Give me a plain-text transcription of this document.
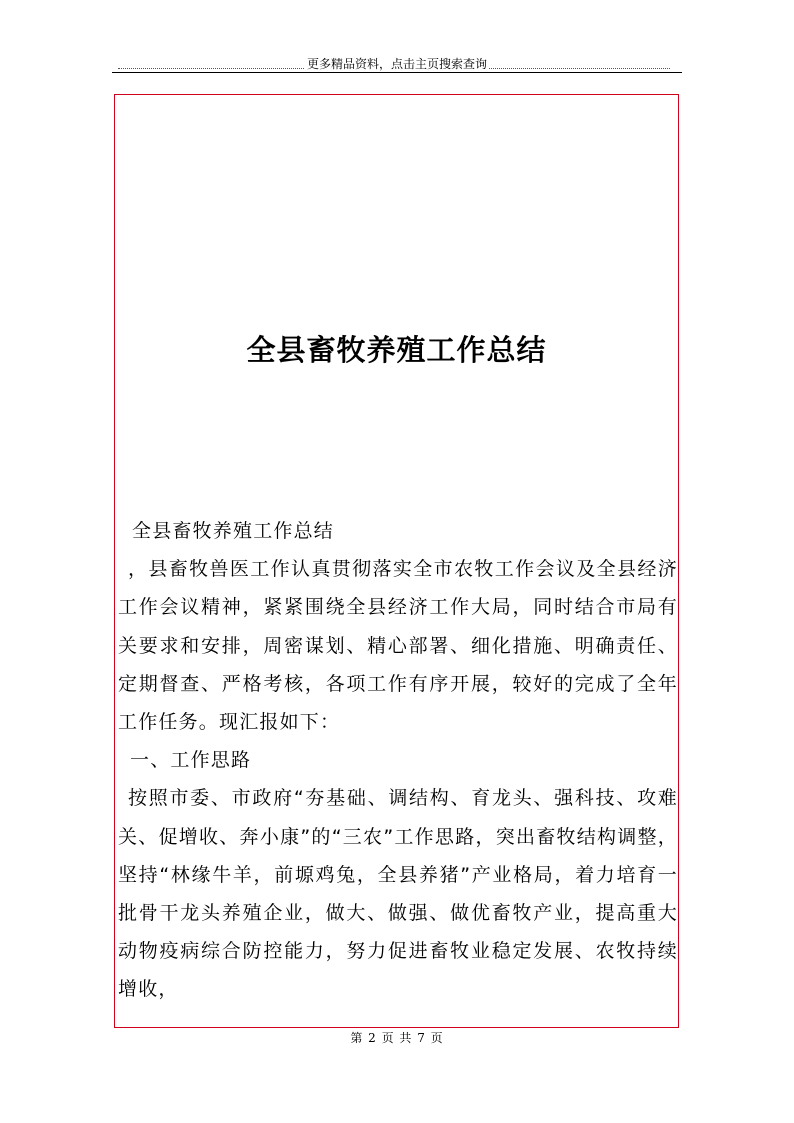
更多精品资料，点击主页搜索查询
全县畜牧养殖工作总结

全县畜牧养殖工作总结

，县畜牧兽医工作认真贯彻落实全市农牧工作会议及全县经济工作会议精神，紧紧围绕全县经济工作大局，同时结合市局有关要求和安排，周密谋划、精心部署、细化措施、明确责任、定期督查、严格考核，各项工作有序开展，较好的完成了全年工作任务。现汇报如下：

一、工作思路

按照市委、市政府“夯基础、调结构、育龙头、强科技、攻难关、促增收、奔小康”的“三农”工作思路，突出畜牧结构调整，坚持“林缘牛羊，前塬鸡兔，全县养猪”产业格局，着力培育一批骨干龙头养殖企业，做大、做强、做优畜牧产业，提高重大动物疫病综合防控能力，努力促进畜牧业稳定发展、农牧持续增收，

第 2 页 共 7 页
